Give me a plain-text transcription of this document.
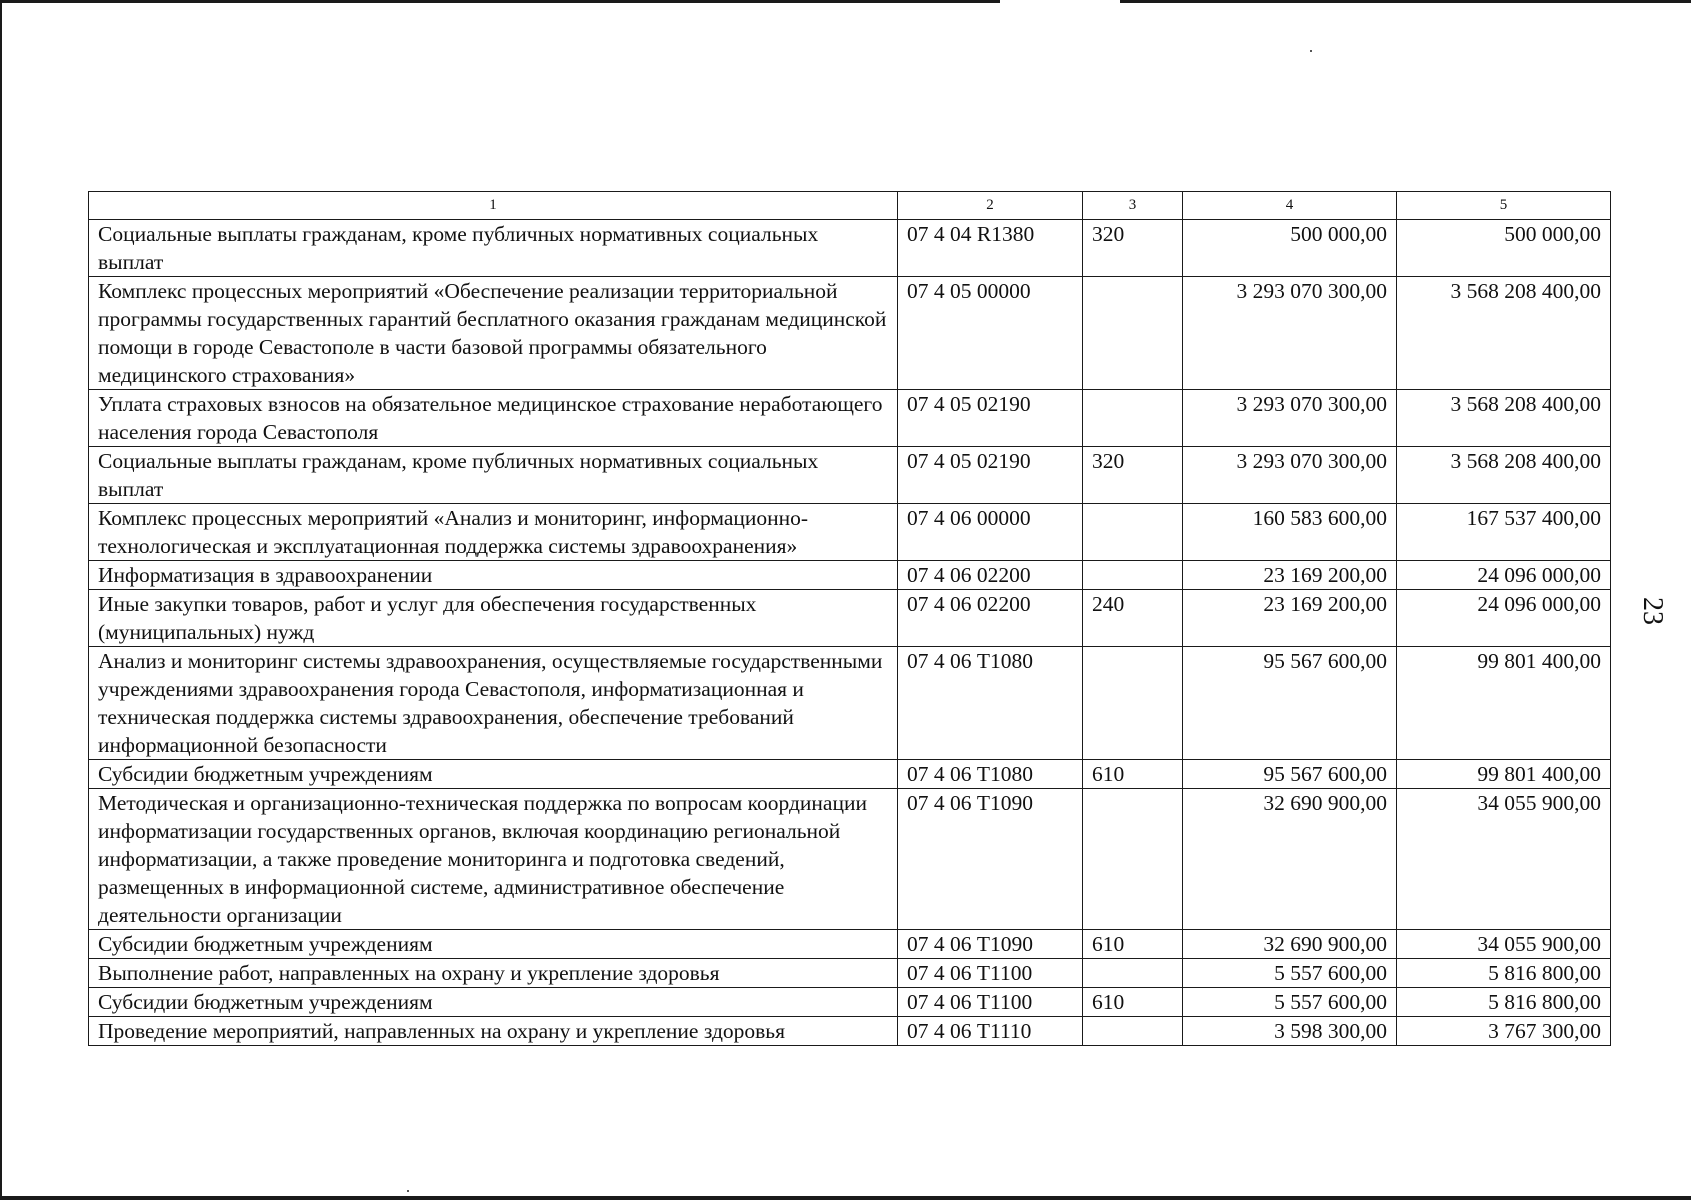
23
1	2	3	4	5
Социальные выплаты гражданам, кроме публичных нормативных социальных выплат	07 4 04 R1380	320	500 000,00	500 000,00
Комплекс процессных мероприятий «Обеспечение реализации территориальной программы государственных гарантий бесплатного оказания гражданам медицинской помощи в городе Севастополе в части базовой программы обязательного медицинского страхования»	07 4 05 00000		3 293 070 300,00	3 568 208 400,00
Уплата страховых взносов на обязательное медицинское страхование неработающего населения города Севастополя	07 4 05 02190		3 293 070 300,00	3 568 208 400,00
Социальные выплаты гражданам, кроме публичных нормативных социальных выплат	07 4 05 02190	320	3 293 070 300,00	3 568 208 400,00
Комплекс процессных мероприятий «Анализ и мониторинг, информационно-технологическая и эксплуатационная поддержка системы здравоохранения»	07 4 06 00000		160 583 600,00	167 537 400,00
Информатизация в здравоохранении	07 4 06 02200		23 169 200,00	24 096 000,00
Иные закупки товаров, работ и услуг для обеспечения государственных (муниципальных) нужд	07 4 06 02200	240	23 169 200,00	24 096 000,00
Анализ и мониторинг системы здравоохранения, осуществляемые государственными учреждениями здравоохранения города Севастополя, информатизационная и техническая поддержка системы здравоохранения, обеспечение требований информационной безопасности	07 4 06 Т1080		95 567 600,00	99 801 400,00
Субсидии бюджетным учреждениям	07 4 06 Т1080	610	95 567 600,00	99 801 400,00
Методическая и организационно-техническая поддержка по вопросам координации информатизации государственных органов, включая координацию региональной информатизации, а также проведение мониторинга и подготовка сведений, размещенных в информационной системе, административное обеспечение деятельности организации	07 4 06 Т1090		32 690 900,00	34 055 900,00
Субсидии бюджетным учреждениям	07 4 06 Т1090	610	32 690 900,00	34 055 900,00
Выполнение работ, направленных на охрану и укрепление здоровья	07 4 06 Т1100		5 557 600,00	5 816 800,00
Субсидии бюджетным учреждениям	07 4 06 Т1100	610	5 557 600,00	5 816 800,00
Проведение мероприятий, направленных на охрану и укрепление здоровья	07 4 06 Т1110		3 598 300,00	3 767 300,00
